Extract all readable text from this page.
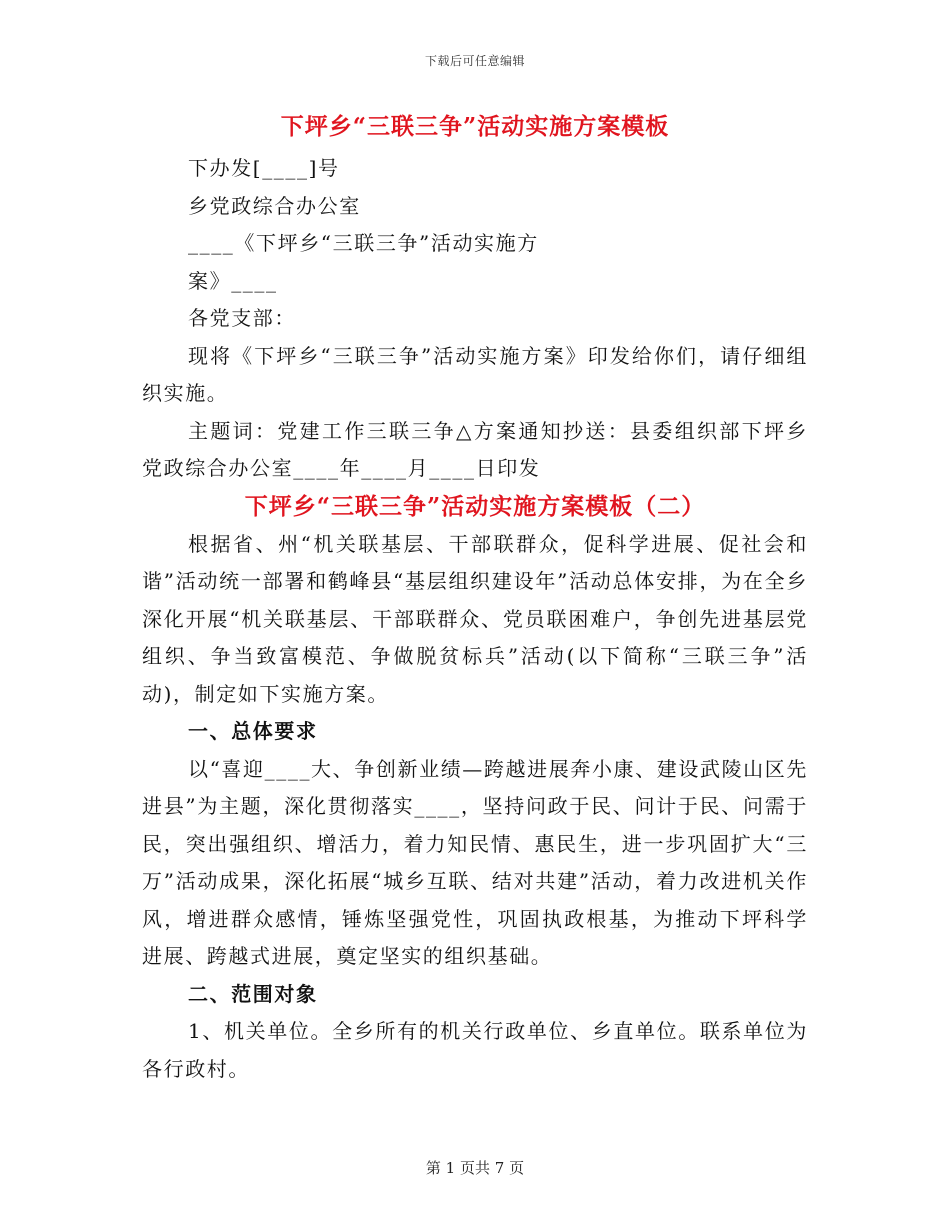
下载后可任意编辑
下坪乡“三联三争”活动实施方案模板

下办发[____]号

乡党政综合办公室

____《下坪乡“三联三争”活动实施方

案》____

各党支部：

现将《下坪乡“三联三争”活动实施方案》印发给你们，请仔细组织实施。

主题词：党建工作三联三争△方案通知抄送：县委组织部下坪乡党政综合办公室____年____月____日印发

下坪乡“三联三争”活动实施方案模板（二）

根据省、州“机关联基层、干部联群众，促科学进展、促社会和谐”活动统一部署和鹤峰县“基层组织建设年”活动总体安排，为在全乡深化开展“机关联基层、干部联群众、党员联困难户，争创先进基层党组织、争当致富模范、争做脱贫标兵”活动(以下简称“三联三争”活动)，制定如下实施方案。

一、总体要求

以“喜迎____大、争创新业绩—跨越进展奔小康、建设武陵山区先进县”为主题，深化贯彻落实____，坚持问政于民、问计于民、问需于民，突出强组织、增活力，着力知民情、惠民生，进一步巩固扩大“三万”活动成果，深化拓展“城乡互联、结对共建”活动，着力改进机关作风，增进群众感情，锤炼坚强党性，巩固执政根基，为推动下坪科学进展、跨越式进展，奠定坚实的组织基础。

二、范围对象

1、机关单位。全乡所有的机关行政单位、乡直单位。联系单位为各行政村。

第 1 页共 7 页
